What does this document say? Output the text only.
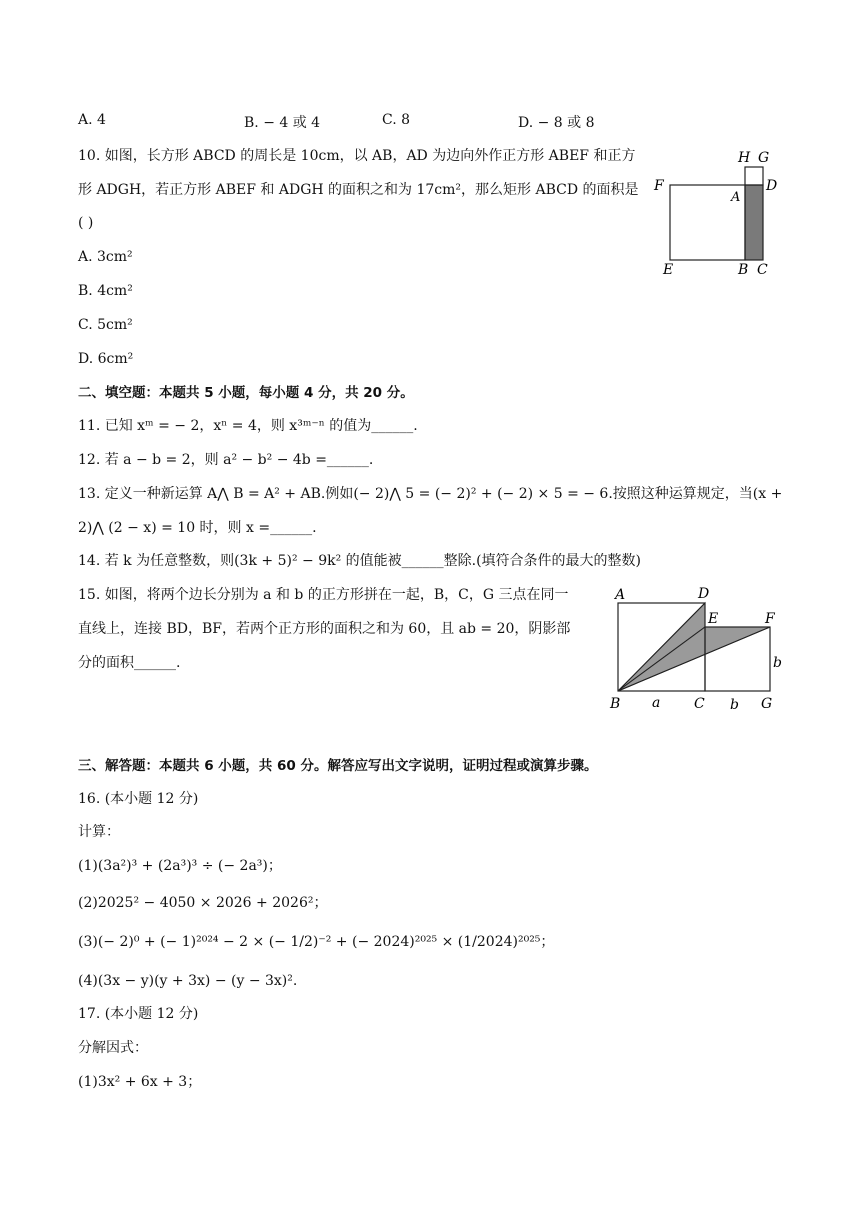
A. 4	B. − 4 或 4	C. 8	D. − 8 或 8
10. 如图，长方形 ABCD 的周长是 10cm，以 AB，AD 为边向外作正方形 ABEF 和正方
形 ADGH，若正方形 ABEF 和 ADGH 的面积之和为 17cm²，那么矩形 ABCD 的面积是
( )
A. 3cm²
B. 4cm²
C. 5cm²
D. 6cm²
H G
F
A
D
E	B C
二、填空题：本题共 5 小题，每小题 4 分，共 20 分。
11. 已知 xᵐ = − 2，xⁿ = 4，则 x³ᵐ⁻ⁿ 的值为______.
12. 若 a − b = 2，则 a² − b² − 4b =______.
13. 定义一种新运算 A⋀ B = A² + AB.例如(− 2)⋀ 5 = (− 2)² + (− 2) × 5 = − 6.按照这种运算规定，当(x +
2)⋀ (2 − x) = 10 时，则 x =______.
14. 若 k 为任意整数，则(3k + 5)² − 9k² 的值能被______整除.(填符合条件的最大的整数)
15. 如图，将两个边长分别为 a 和 b 的正方形拼在一起，B，C，G 三点在同一
直线上，连接 BD，BF，若两个正方形的面积之和为 60，且 ab = 20，阴影部
分的面积______.
A	D
E	F
B a C b G
b
三、解答题：本题共 6 小题，共 60 分。解答应写出文字说明，证明过程或演算步骤。
16. (本小题 12 分)
计算：
(1)(3a²)³ + (2a³)³ ÷ (− 2a³)；
(2)2025² − 4050 × 2026 + 2026²；
(3)(− 2)⁰ + (− 1)²⁰²⁴ − 2 × (− 1/2)⁻² + (− 2024)²⁰²⁵ × (1/2024)²⁰²⁵；
(4)(3x − y)(y + 3x) − (y − 3x)².
17. (本小题 12 分)
分解因式：
(1)3x² + 6x + 3；
